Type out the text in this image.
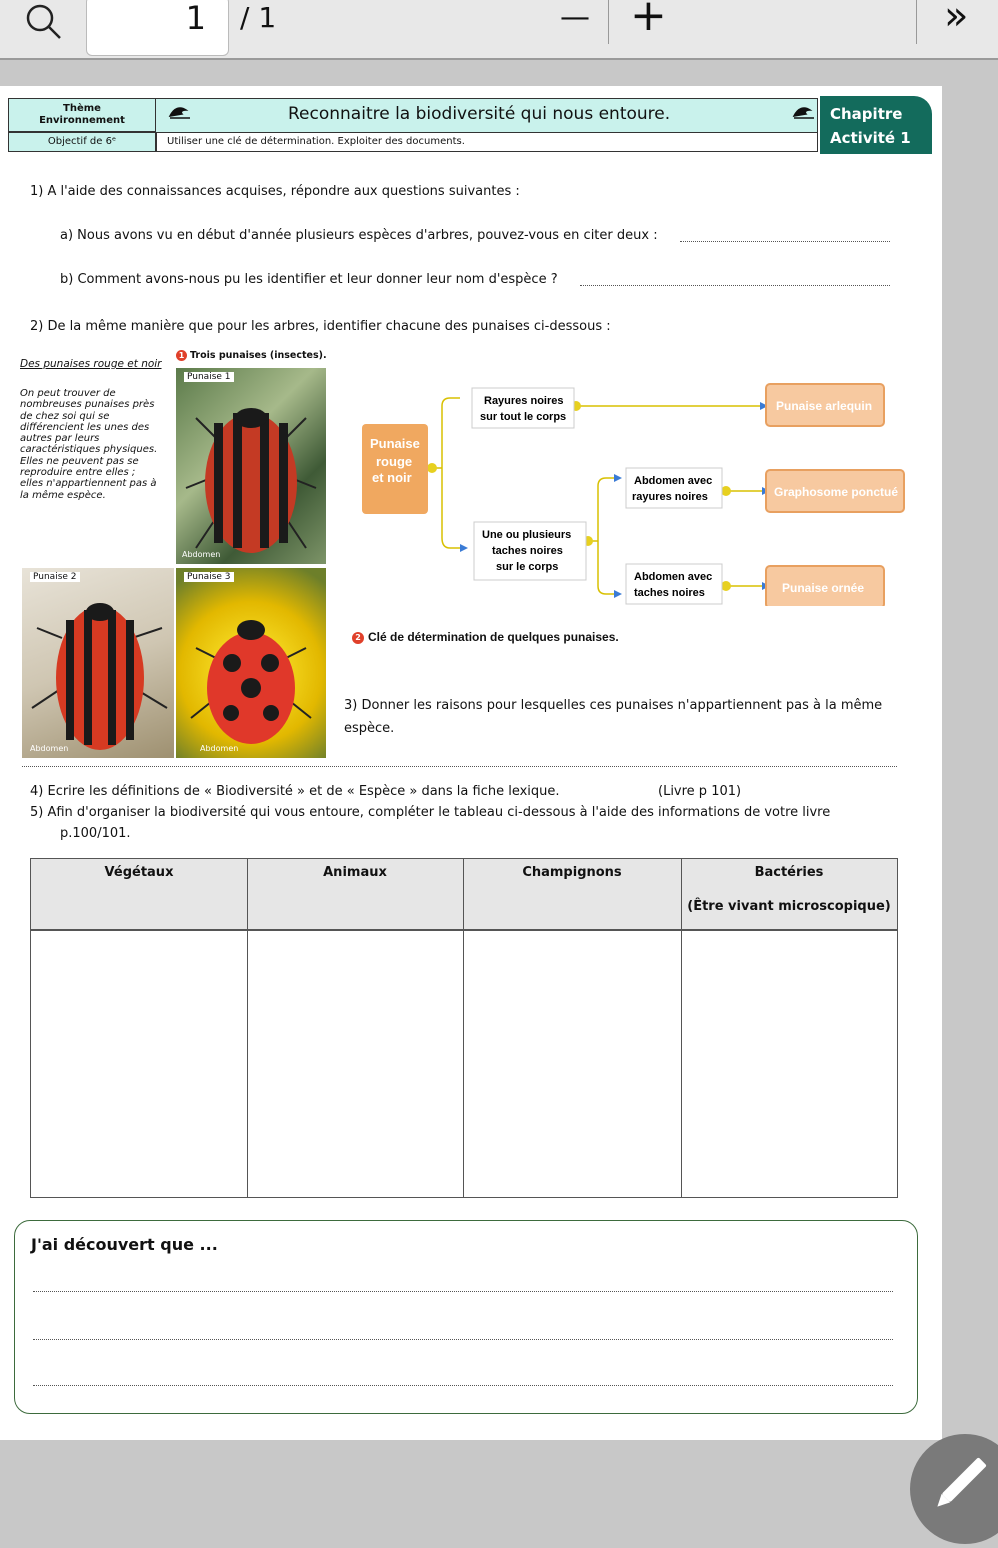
1	/ 1	— +	»
Thème
Environnement
Objectif de 6ᵉ	Utiliser une clé de détermination. Exploiter des documents.
Reconnaitre la biodiversité qui nous entoure.	Chapitre
Activité 1
1) A l'aide des connaissances acquises, répondre aux questions suivantes :
a) Nous avons vu en début d'année plusieurs espèces d'arbres, pouvez-vous en citer deux :
b) Comment avons-nous pu les identifier et leur donner leur nom d'espèce ?
2) De la même manière que pour les arbres, identifier chacune des punaises ci-dessous :
Des punaises rouge et noir
1 Trois punaises (insectes).
On peut trouver de
nombreuses punaises près
de chez soi qui se
différencient les unes des
autres par leurs
caractéristiques physiques.
Elles ne peuvent pas se
reproduire entre elles ;
elles n'appartiennent pas à
la même espèce.
Punaise 1
Abdomen
Punaise 2
Abdomen
Punaise 3
Abdomen
Punaise
rouge
et noir
Rayures noires
sur tout le corps
Une ou plusieurs
taches noires
sur le corps
Abdomen avec
rayures noires
Abdomen avec
taches noires
Punaise arlequin
Graphosome ponctué
Punaise ornée
2 Clé de détermination de quelques punaises.
3) Donner les raisons pour lesquelles ces punaises n'appartiennent pas à la même
espèce.
4) Ecrire les définitions de « Biodiversité » et de « Espèce » dans la fiche lexique.	(Livre p 101)
5) Afin d'organiser la biodiversité qui vous entoure, compléter le tableau ci-dessous à l'aide des informations de votre livre
p.100/101.
Végétaux	Animaux	Champignons	Bactéries
(Être vivant microscopique)
J'ai découvert que ...
